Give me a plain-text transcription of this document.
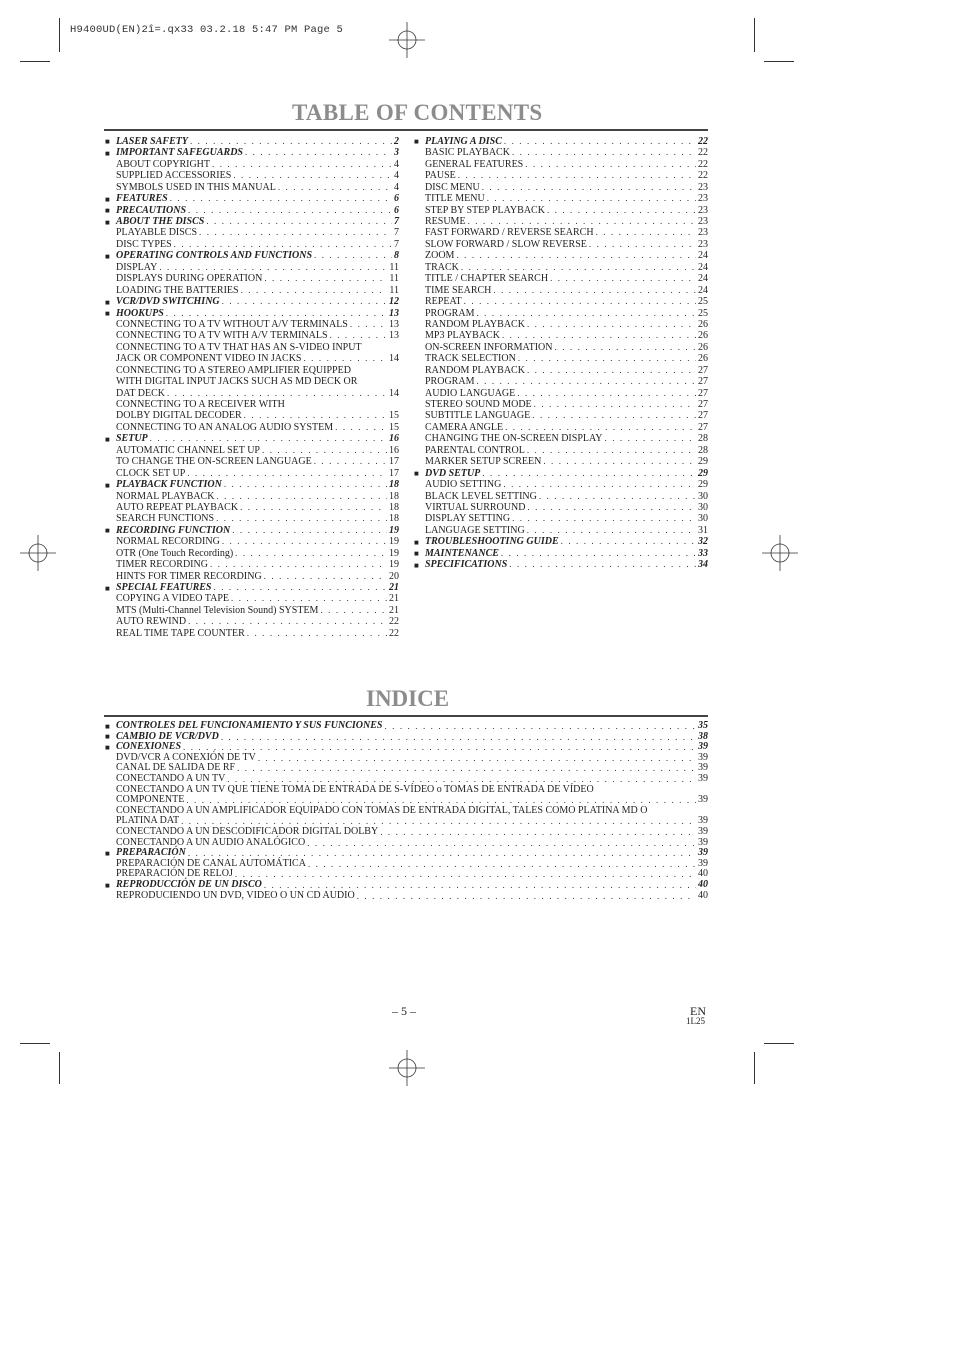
H9400UD(EN)2î=.qx33 03.2.18 5:47 PM Page 5
TABLE OF CONTENTS
■ LASER SAFETY . . .	2
■ IMPORTANT SAFEGUARDS . . .	3
ABOUT COPYRIGHT . . .	4
SUPPLIED ACCESSORIES . . .	4
SYMBOLS USED IN THIS MANUAL . . .	4
■ FEATURES . . .	6
■ PRECAUTIONS . . .	6
■ ABOUT THE DISCS . . .	7
PLAYABLE DISCS . . .	7
DISC TYPES . . .	7
■ OPERATING CONTROLS AND FUNCTIONS . . .	8
DISPLAY . . .	11
DISPLAYS DURING OPERATION . . .	11
LOADING THE BATTERIES . . .	11
■ VCR/DVD SWITCHING . . .	12
■ HOOKUPS . . .	13
CONNECTING TO A TV WITHOUT A/V TERMINALS . . .	13
CONNECTING TO A TV WITH A/V TERMINALS . . .	13
CONNECTING TO A TV THAT HAS AN S-VIDEO INPUT
JACK OR COMPONENT VIDEO IN JACKS . . .	14
CONNECTING TO A STEREO AMPLIFIER EQUIPPED
WITH DIGITAL INPUT JACKS SUCH AS MD DECK OR
DAT DECK . . .	14
CONNECTING TO A RECEIVER WITH
DOLBY DIGITAL DECODER . . .	15
CONNECTING TO AN ANALOG AUDIO SYSTEM . . .	15
■ SETUP . . .	16
AUTOMATIC CHANNEL SET UP . . .	16
TO CHANGE THE ON-SCREEN LANGUAGE . . .	17
CLOCK SET UP . . .	17
■ PLAYBACK FUNCTION . . .	18
NORMAL PLAYBACK . . .	18
AUTO REPEAT PLAYBACK . . .	18
SEARCH FUNCTIONS . . .	18
■ RECORDING FUNCTION . . .	19
NORMAL RECORDING . . .	19
OTR (One Touch Recording) . . .	19
TIMER RECORDING . . .	19
HINTS FOR TIMER RECORDING . . .	20
■ SPECIAL FEATURES . . .	21
COPYING A VIDEO TAPE . . .	21
MTS (Multi-Channel Television Sound) SYSTEM . . .	21
AUTO REWIND . . .	22
REAL TIME TAPE COUNTER . . .	22
■ PLAYING A DISC . . .	22
BASIC PLAYBACK . . .	22
GENERAL FEATURES . . .	22
PAUSE . . .	22
DISC MENU . . .	23
TITLE MENU . . .	23
STEP BY STEP PLAYBACK . . .	23
RESUME . . .	23
FAST FORWARD / REVERSE SEARCH . . .	23
SLOW FORWARD / SLOW REVERSE . . .	23
ZOOM . . .	24
TRACK . . .	24
TITLE / CHAPTER SEARCH . . .	24
TIME SEARCH . . .	24
REPEAT . . .	25
PROGRAM . . .	25
RANDOM PLAYBACK . . .	26
MP3 PLAYBACK . . .	26
ON-SCREEN INFORMATION . . .	26
TRACK SELECTION . . .	26
RANDOM PLAYBACK . . .	27
PROGRAM . . .	27
AUDIO LANGUAGE . . .	27
STEREO SOUND MODE . . .	27
SUBTITLE LANGUAGE . . .	27
CAMERA ANGLE . . .	27
CHANGING THE ON-SCREEN DISPLAY . . .	28
PARENTAL CONTROL . . .	28
MARKER SETUP SCREEN . . .	29
■ DVD SETUP . . .	29
AUDIO SETTING . . .	29
BLACK LEVEL SETTING . . .	30
VIRTUAL SURROUND . . .	30
DISPLAY SETTING . . .	30
LANGUAGE SETTING . . .	31
■ TROUBLESHOOTING GUIDE . . .	32
■ MAINTENANCE . . .	33
■ SPECIFICATIONS . . .	34
INDICE
■ CONTROLES DEL FUNCIONAMIENTO Y SUS FUNCIONES . . .	35
■ CAMBIO DE VCR/DVD . . .	38
■ CONEXIONES . . .	39
DVD/VCR A CONEXIÓN DE TV . . .	39
CANAL DE SALIDA DE RF . . .	39
CONECTANDO A UN TV . . .	39
CONECTANDO A UN TV QUE TIENE TOMA DE ENTRADA DE S-VÍDEO o TOMAS DE ENTRADA DE VÍDEO
COMPONENTE . . .	39
CONECTANDO A UN AMPLIFICADOR EQUIPADO CON TOMAS DE ENTRADA DIGITAL, TALES COMO PLATINA MD O
PLATINA DAT . . .	39
CONECTANDO A UN DESCODIFICADOR DIGITAL DOLBY . . .	39
CONECTANDO A UN AUDIO ANALÓGICO . . .	39
■ PREPARACIÓN . . .	39
PREPARACIÓN DE CANAL AUTOMÁTICA . . .	39
PREPARACIÓN DE RELOJ . . .	40
■ REPRODUCCIÓN DE UN DISCO . . .	40
REPRODUCIENDO UN DVD, VIDEO O UN CD AUDIO . . .	40
– 5 –	EN
1L25
